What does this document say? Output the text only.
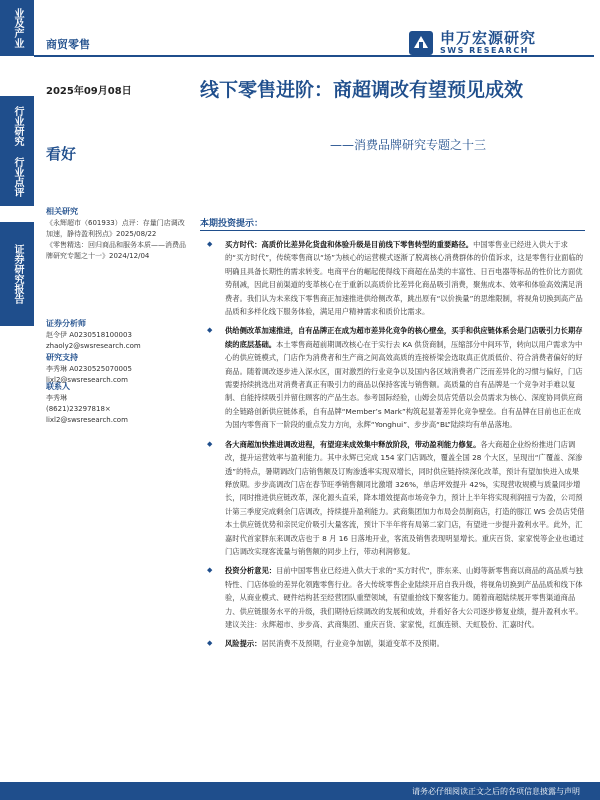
业及产业
行业研究 行业点评
证券研究报告
商贸零售	申万宏源研究
SWS RESEARCH
2025年09月08日
看好
线下零售进阶：商超调改有望预见成效
——消费品牌研究专题之十三
相关研究
《永辉超市（601933）点评：存量门店调改加速，静待盈利拐点》2025/08/22
《零售精选：回归商品和服务本质——消费品牌研究专题之十一》2024/12/04
证券分析师
赵令伊 A0230518100003
zhaoly2@swsresearch.com
研究支持
李秀琳 A0230525070005
lixl2@swsresearch.com
联系人
李秀琳
(8621)23297818×
lixl2@swsresearch.com
本期投资提示：
◆ 买方时代：高质价比差异化货盘和体验升级是目前线下零售转型的重要路径。中国零售业已经进入供大于求的“买方时代”，传统零售商以“场”为核心的运营模式逐渐了脱离核心消费群体的价值诉求，这是零售行业面临的明确且具备长期性的需求转变。电商平台的崛起使得线下商超在品类的丰富性、日百电器等标品的性价比方面优势削减，因此目前渠道的变革核心在于重新以高质价比差异化商品吸引消费，聚焦成本、效率和体验高效满足消费者。我们认为未来线下零售商正加速推进供给侧改革，跳出原有“以价换量”的思维限制，将视角切换到高产品品质和多样化线下服务体验，满足用户精神需求和质价比需求。
◆ 供给侧改革加速推进，自有品牌正在成为超市差异化竞争的核心壁垒，买手和供应链体系会是门店吸引力长期存续的底层基础。本土零售商超前期调改核心在于实行去 KA 供货商制，压缩部分中间环节，转向以用户需求为中心的供应链模式，门店作为消费者和生产商之间高效高质的连接桥梁会选取真正优质低价、符合消费者偏好的好商品。随着调改逐步进入深水区，面对激烈的行业竞争以及国内各区域消费者广泛而差异化的习惯与偏好，门店需要持续挑选出对消费者真正有吸引力的商品以保持客流与销售额。高质量的自有品牌是一个竞争对手难以复制、自能持续吸引并留住顾客的产品生态。参考国际经验，山姆会员店凭借以会员需求为核心、深度协同供应商的全链路创新供应链体系，自有品牌“Member’s Mark”构筑起显著差异化竞争壁垒。自有品牌在目前也正在成为国内零售商下一阶段的重点发力方向，永辉“Yonghui”、步步高“BL”陆续均有单品落地。
◆ 各大商超加快推进调改进程，有望迎来成效集中释放阶段，带动盈利能力修复。各大商超企业纷纷推进门店调改，提升运营效率与盈利能力。其中永辉已完成 154 家门店调改，覆盖全国 28 个大区，呈现出“广覆盖、深渗透”的特点，暑期调改门店销售额及订购渗透率实现双增长，同时供应链持续深化改革，预计有望加快进入成果释放期。步步高调改门店在春节旺季销售额同比激增 326%，单店坪效提升 42%，实现营收规模与质量同步增长，同时推进供应链改革，深化源头直采，降本增效提高市场竞争力，预计上半年将实现利润扭亏为盈，公司预计第三季度完成剩余门店调改，持续提升盈利能力。武商集团加力布局会员制商店，打造的豚江 WS 会员店凭借本土供应链优势和亲民定价吸引大量客流，预计下半年将有局第二家门店，有望进一步提升盈利水平。此外，汇嘉时代首家胖东来调改店也于 8 月 16 日落地开业，客流及销售表现明显增长。重庆百货、家家悦等企业也通过门店调改实现客流量与销售额的同步上行，带动利润修复。
◆ 投资分析意见：目前中国零售业已经进入供大于求的“买方时代”，胖东来、山姆等新零售商以商品的高品质与独特性、门店体验的差异化领跑零售行业。各大传统零售企业陆续开启自我升级，将视角切换到产品品质和线下体验，从商业模式、硬件结构甚至经营团队重塑领域，有望重拾线下聚客能力。随着商超陆续展开零售渠道商品力、供应链服务水平的升级，我们期待后续调改的发展和成效，并看好各大公司逐步修复业绩，提升盈利水平。建议关注：永辉超市、步步高、武商集团、重庆百货、家家悦，红旗连锁、天虹股份、汇嘉时代。
◆ 风险提示：居民消费不及预期，行业竞争加剧，渠道变革不及预期。
请务必仔细阅读正文之后的各项信息披露与声明
